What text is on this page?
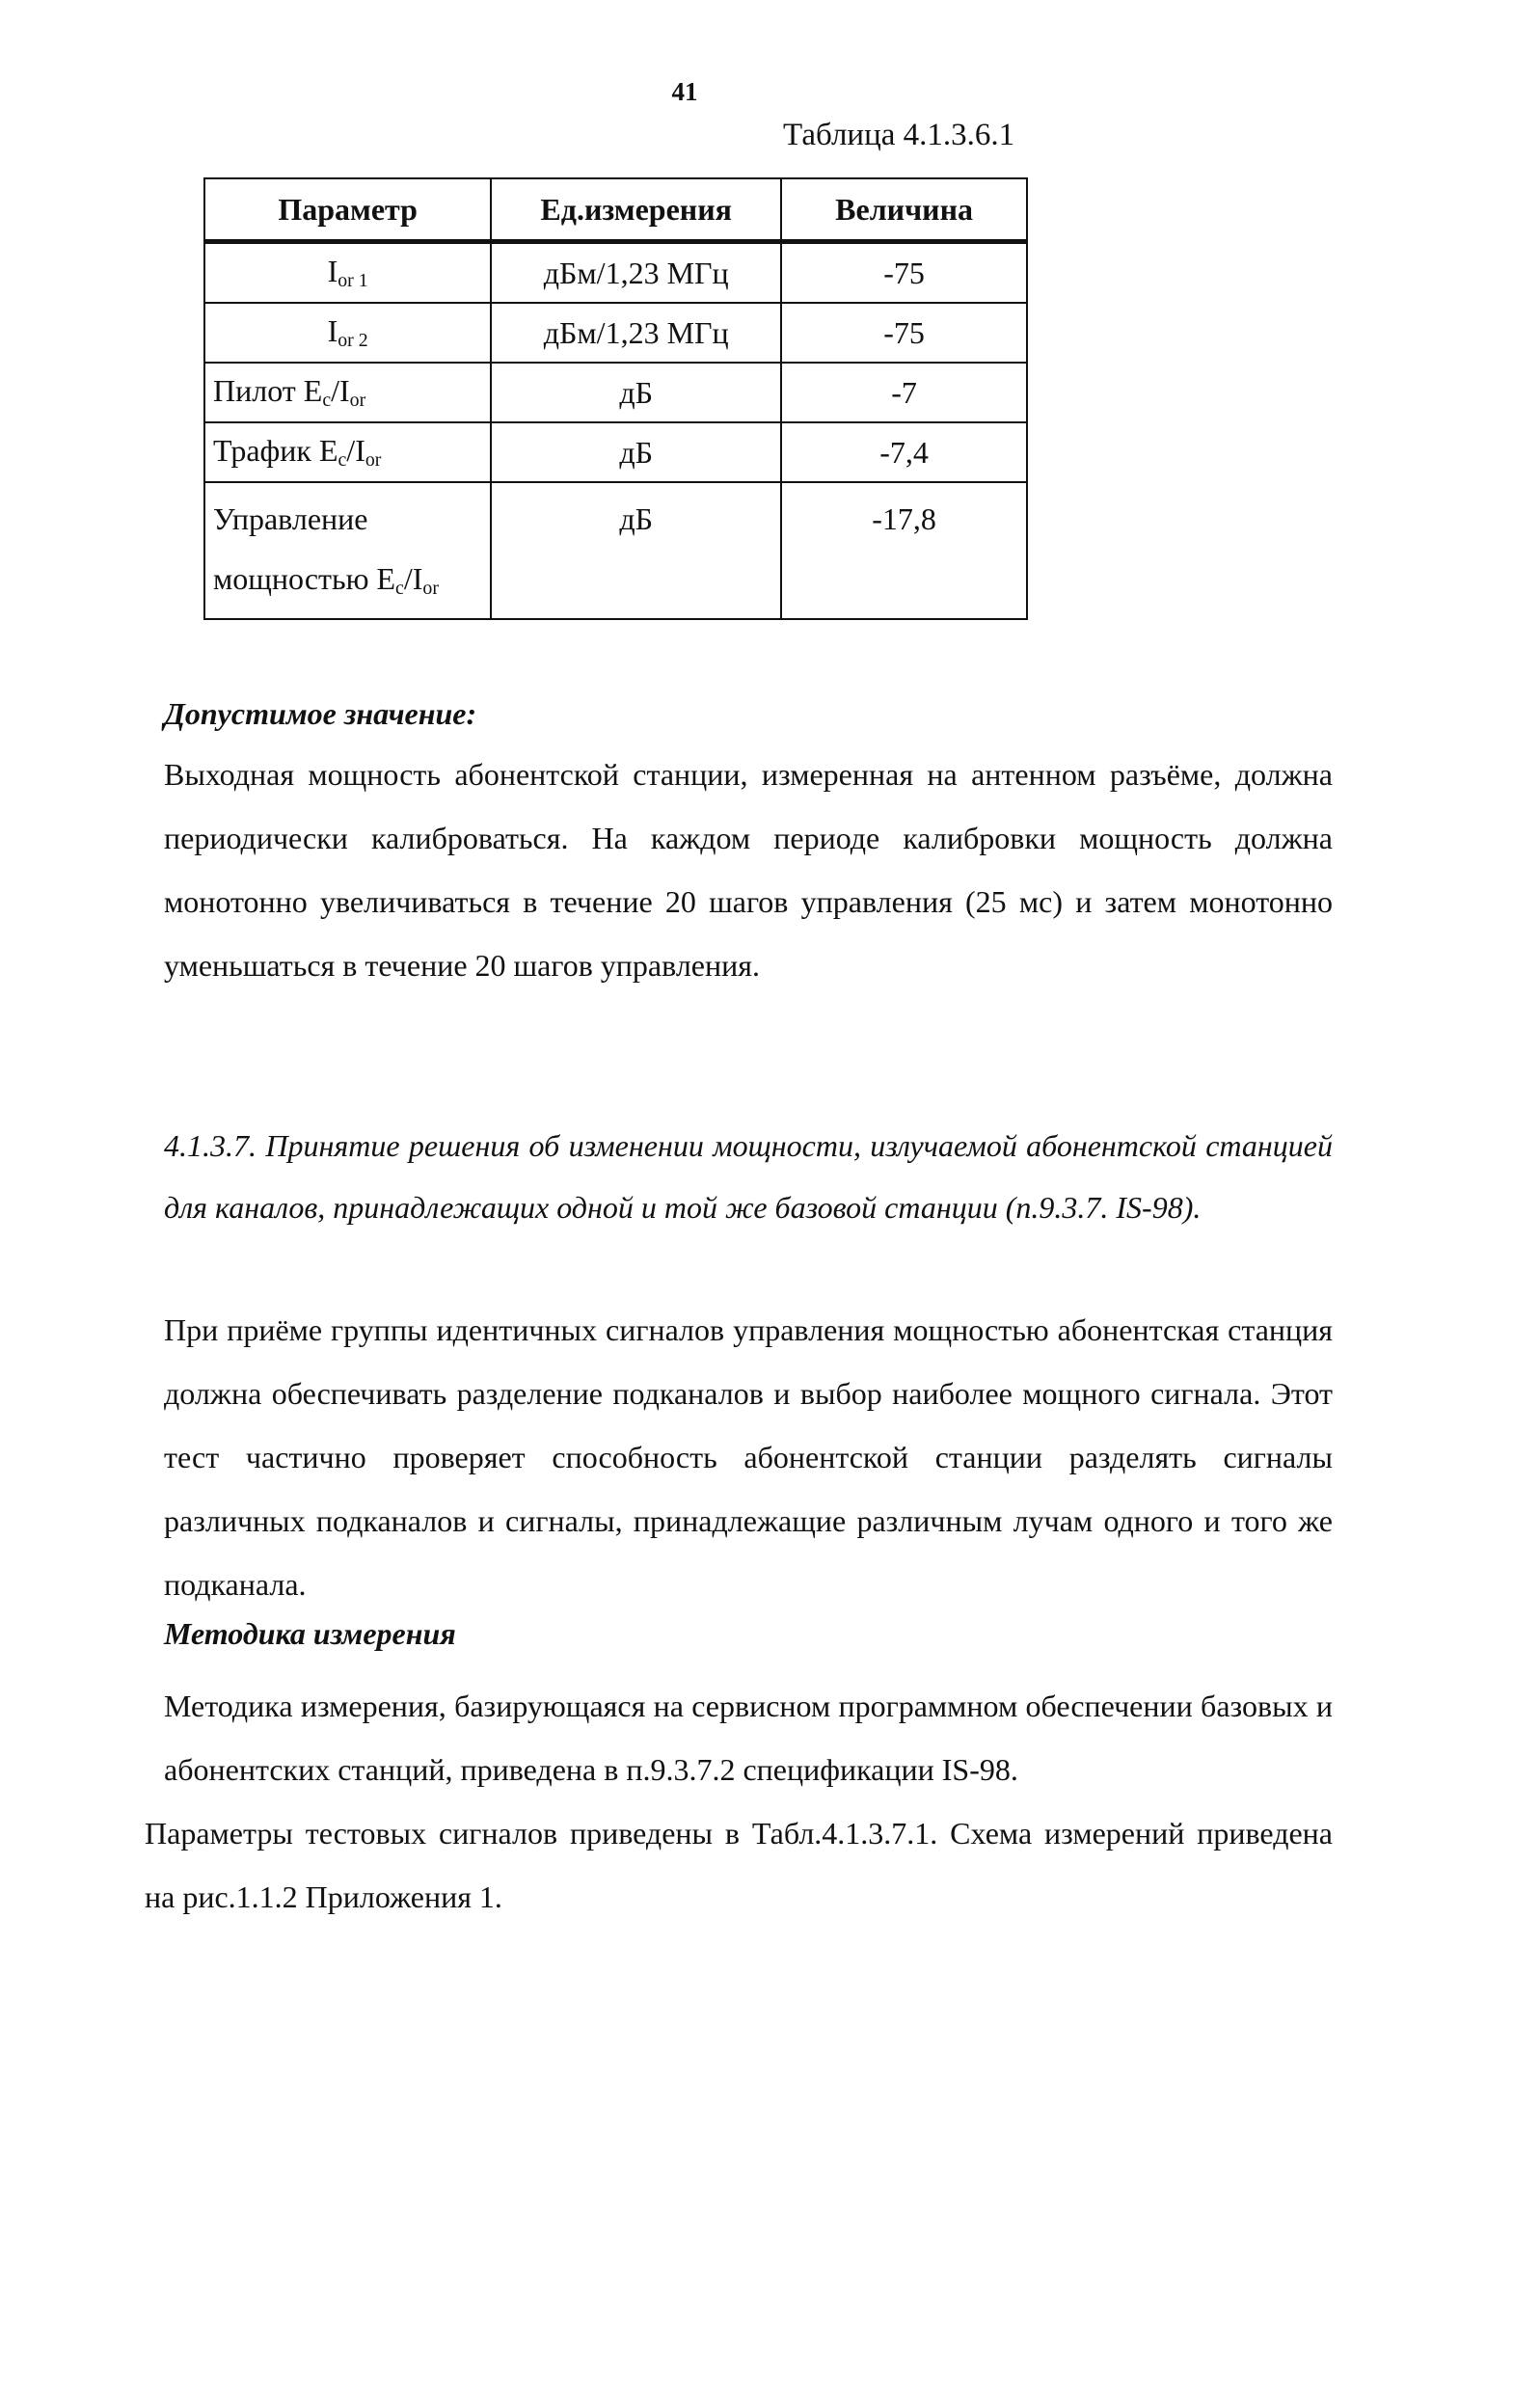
41
Таблица 4.1.3.6.1
Параметр	Ед.измерения	Величина
$I_{or 1}$	дБм/1,23 МГц	-75
$I_{or 2}$	дБм/1,23 МГц	-75
Пилот $E_c/I_{or}$	дБ	-7
Трафик $E_c/I_{or}$	дБ	-7,4
Управление
мощностью $E_c/I_{or}$	дБ	-17,8
Допустимое значение:

Выходная мощность абонентской станции, измеренная на антенном разъёме, должна периодически калиброваться. На каждом периоде калибровки мощность должна монотонно увеличиваться в течение 20 шагов управления (25 мс) и затем монотонно уменьшаться в течение 20 шагов управления.

4.1.3.7. Принятие решения об изменении мощности, излучаемой абонентской станцией для каналов, принадлежащих одной и той же базовой станции (п.9.3.7. IS-98).

При приёме группы идентичных сигналов управления мощностью абонентская станция должна обеспечивать разделение подканалов и выбор наиболее мощного сигнала. Этот тест частично проверяет способность абонентской станции разделять сигналы различных подканалов и сигналы, принадлежащие различным лучам одного и того же подканала.

Методика измерения

Методика измерения, базирующаяся на сервисном программном обеспечении базовых и абонентских станций, приведена в п.9.3.7.2 спецификации IS-98.

Параметры тестовых сигналов приведены в Табл.4.1.3.7.1. Схема измерений приведена на рис.1.1.2 Приложения 1.
